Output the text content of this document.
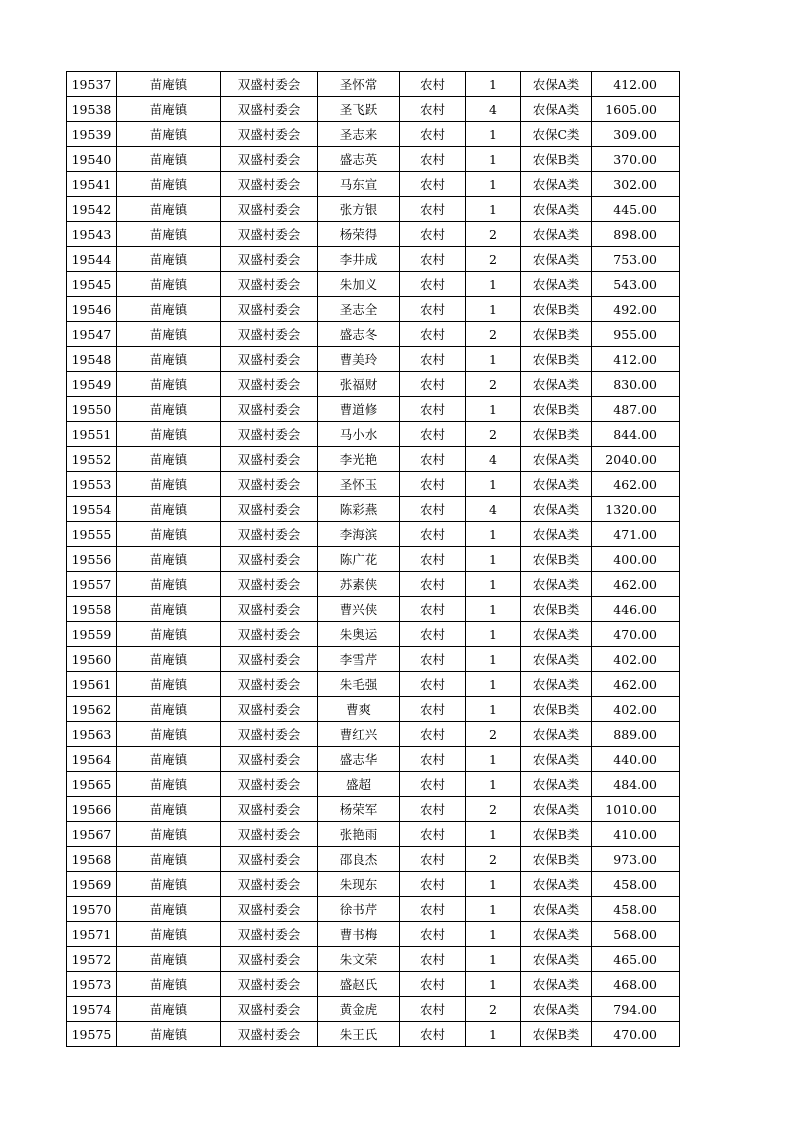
19537	苗庵镇	双盛村委会	圣怀常	农村	1	农保A类	412.00
19538	苗庵镇	双盛村委会	圣飞跃	农村	4	农保A类	1605.00
19539	苗庵镇	双盛村委会	圣志来	农村	1	农保C类	309.00
19540	苗庵镇	双盛村委会	盛志英	农村	1	农保B类	370.00
19541	苗庵镇	双盛村委会	马东宣	农村	1	农保A类	302.00
19542	苗庵镇	双盛村委会	张方银	农村	1	农保A类	445.00
19543	苗庵镇	双盛村委会	杨荣得	农村	2	农保A类	898.00
19544	苗庵镇	双盛村委会	李井成	农村	2	农保A类	753.00
19545	苗庵镇	双盛村委会	朱加义	农村	1	农保A类	543.00
19546	苗庵镇	双盛村委会	圣志全	农村	1	农保B类	492.00
19547	苗庵镇	双盛村委会	盛志冬	农村	2	农保B类	955.00
19548	苗庵镇	双盛村委会	曹美玲	农村	1	农保B类	412.00
19549	苗庵镇	双盛村委会	张福财	农村	2	农保A类	830.00
19550	苗庵镇	双盛村委会	曹道修	农村	1	农保B类	487.00
19551	苗庵镇	双盛村委会	马小水	农村	2	农保B类	844.00
19552	苗庵镇	双盛村委会	李光艳	农村	4	农保A类	2040.00
19553	苗庵镇	双盛村委会	圣怀玉	农村	1	农保A类	462.00
19554	苗庵镇	双盛村委会	陈彩燕	农村	4	农保A类	1320.00
19555	苗庵镇	双盛村委会	李海滨	农村	1	农保A类	471.00
19556	苗庵镇	双盛村委会	陈广花	农村	1	农保B类	400.00
19557	苗庵镇	双盛村委会	苏素侠	农村	1	农保A类	462.00
19558	苗庵镇	双盛村委会	曹兴侠	农村	1	农保B类	446.00
19559	苗庵镇	双盛村委会	朱奥运	农村	1	农保A类	470.00
19560	苗庵镇	双盛村委会	李雪芹	农村	1	农保A类	402.00
19561	苗庵镇	双盛村委会	朱毛强	农村	1	农保A类	462.00
19562	苗庵镇	双盛村委会	曹爽	农村	1	农保B类	402.00
19563	苗庵镇	双盛村委会	曹红兴	农村	2	农保A类	889.00
19564	苗庵镇	双盛村委会	盛志华	农村	1	农保A类	440.00
19565	苗庵镇	双盛村委会	盛超	农村	1	农保A类	484.00
19566	苗庵镇	双盛村委会	杨荣军	农村	2	农保A类	1010.00
19567	苗庵镇	双盛村委会	张艳雨	农村	1	农保B类	410.00
19568	苗庵镇	双盛村委会	邵良杰	农村	2	农保B类	973.00
19569	苗庵镇	双盛村委会	朱现东	农村	1	农保A类	458.00
19570	苗庵镇	双盛村委会	徐书芹	农村	1	农保A类	458.00
19571	苗庵镇	双盛村委会	曹书梅	农村	1	农保A类	568.00
19572	苗庵镇	双盛村委会	朱文荣	农村	1	农保A类	465.00
19573	苗庵镇	双盛村委会	盛赵氏	农村	1	农保A类	468.00
19574	苗庵镇	双盛村委会	黄金虎	农村	2	农保A类	794.00
19575	苗庵镇	双盛村委会	朱王氏	农村	1	农保B类	470.00
